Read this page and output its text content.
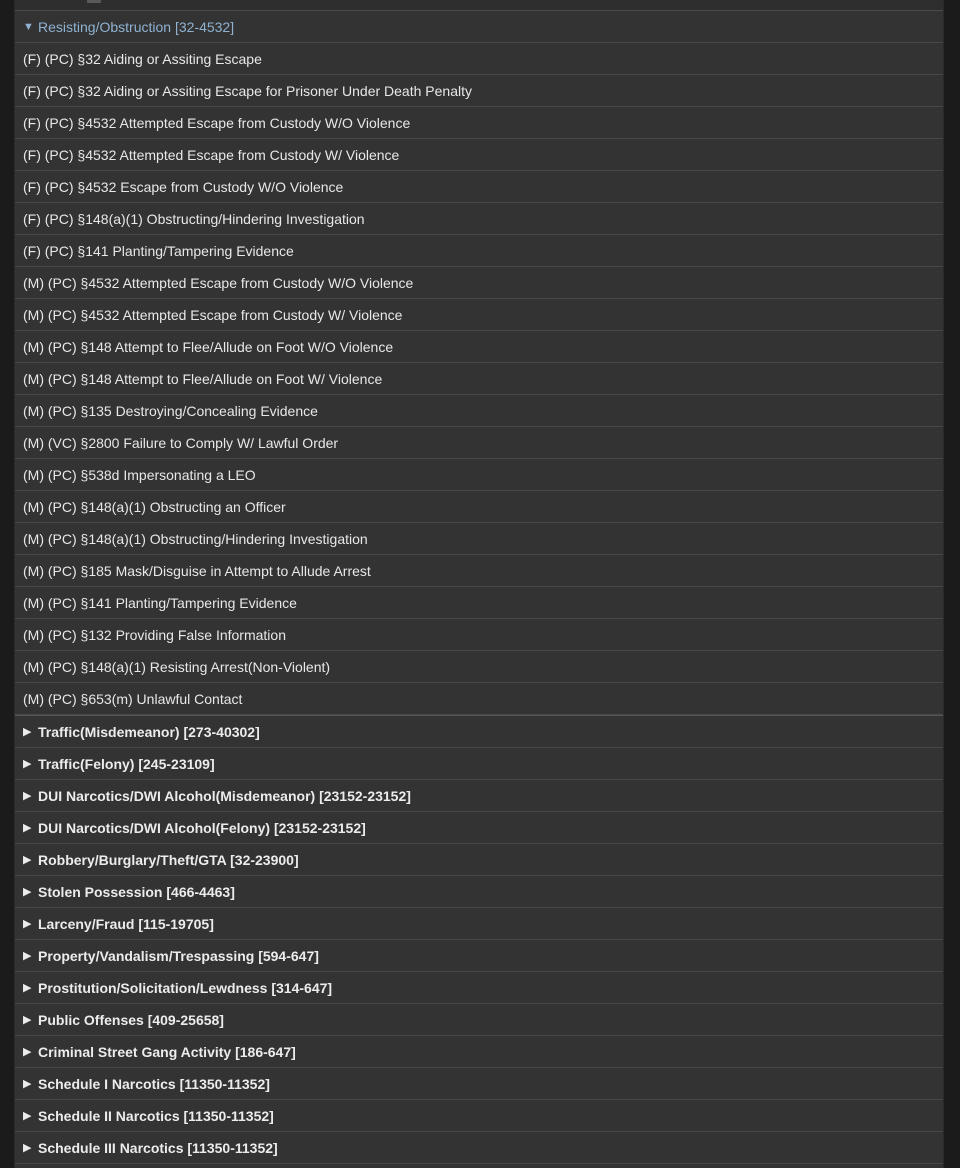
▼ Resisting/Obstruction [32-4532]
(F) (PC) §32 Aiding or Assiting Escape
(F) (PC) §32 Aiding or Assiting Escape for Prisoner Under Death Penalty
(F) (PC) §4532 Attempted Escape from Custody W/O Violence
(F) (PC) §4532 Attempted Escape from Custody W/ Violence
(F) (PC) §4532 Escape from Custody W/O Violence
(F) (PC) §148(a)(1) Obstructing/Hindering Investigation
(F) (PC) §141 Planting/Tampering Evidence
(M) (PC) §4532 Attempted Escape from Custody W/O Violence
(M) (PC) §4532 Attempted Escape from Custody W/ Violence
(M) (PC) §148 Attempt to Flee/Allude on Foot W/O Violence
(M) (PC) §148 Attempt to Flee/Allude on Foot W/ Violence
(M) (PC) §135 Destroying/Concealing Evidence
(M) (VC) §2800 Failure to Comply W/ Lawful Order
(M) (PC) §538d Impersonating a LEO
(M) (PC) §148(a)(1) Obstructing an Officer
(M) (PC) §148(a)(1) Obstructing/Hindering Investigation
(M) (PC) §185 Mask/Disguise in Attempt to Allude Arrest
(M) (PC) §141 Planting/Tampering Evidence
(M) (PC) §132 Providing False Information
(M) (PC) §148(a)(1) Resisting Arrest(Non-Violent)
(M) (PC) §653(m) Unlawful Contact
▶ Traffic(Misdemeanor) [273-40302]
▶ Traffic(Felony) [245-23109]
▶ DUI Narcotics/DWI Alcohol(Misdemeanor) [23152-23152]
▶ DUI Narcotics/DWI Alcohol(Felony) [23152-23152]
▶ Robbery/Burglary/Theft/GTA [32-23900]
▶ Stolen Possession [466-4463]
▶ Larceny/Fraud [115-19705]
▶ Property/Vandalism/Trespassing [594-647]
▶ Prostitution/Solicitation/Lewdness [314-647]
▶ Public Offenses [409-25658]
▶ Criminal Street Gang Activity [186-647]
▶ Schedule I Narcotics [11350-11352]
▶ Schedule II Narcotics [11350-11352]
▶ Schedule III Narcotics [11350-11352]
